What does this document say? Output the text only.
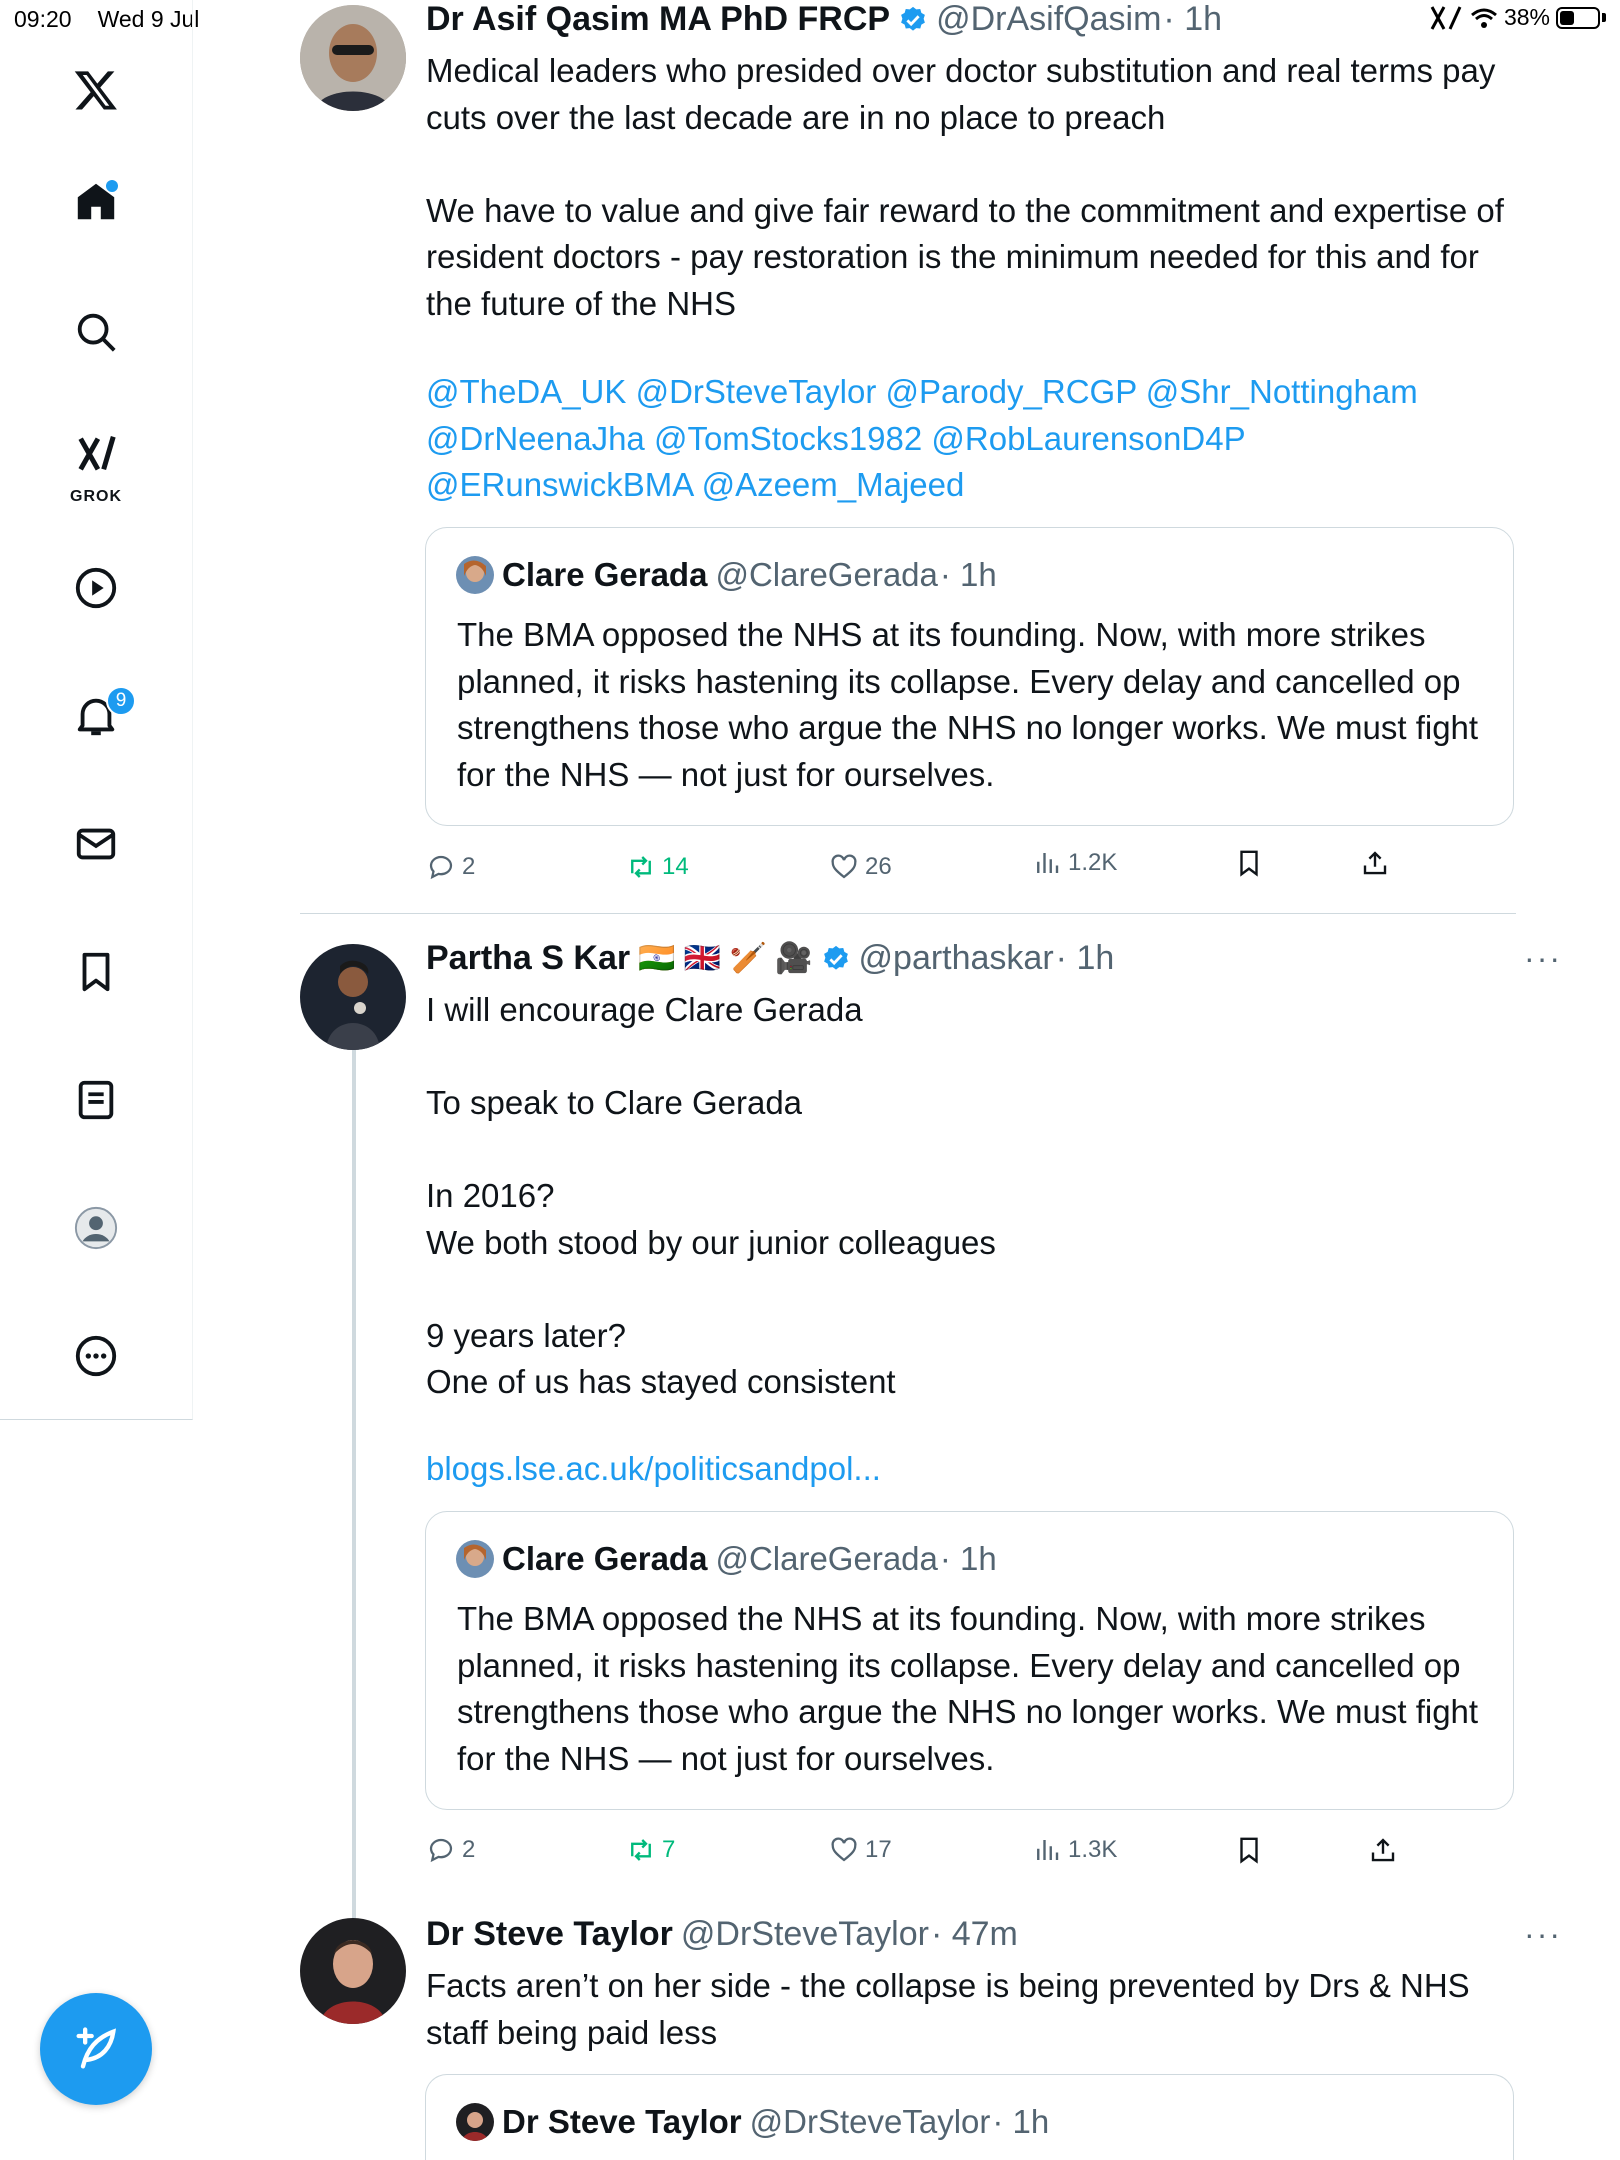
09:20 Wed 9 Jul	38%
GROK
9
Dr Asif Qasim MA PhD FRCP @DrAsifQasim · 1h
Medical leaders who presided over doctor substitution and real terms pay cuts over the last decade are in no place to preach

We have to value and give fair reward to the commitment and expertise of resident doctors - pay restoration is the minimum needed for this and for the future of the NHS
@TheDA_UK @DrSteveTaylor @Parody_RCGP @Shr_Nottingham @DrNeenaJha @TomStocks1982 @RobLaurensonD4P @ERunswickBMA @Azeem_Majeed
Clare Gerada @ClareGerada · 1h
The BMA opposed the NHS at its founding. Now, with more strikes planned, it risks hastening its collapse. Every delay and cancelled op strengthens those who argue the NHS no longer works. We must fight for the NHS — not just for ourselves.
2	14	26	1.2K
Partha S Kar 🇮🇳 🇬🇧 🏏 🎥 @parthaskar · 1h	···
I will encourage Clare Gerada

To speak to Clare Gerada

In 2016?
We both stood by our junior colleagues

9 years later?
One of us has stayed consistent
blogs.lse.ac.uk/politicsandpol...
Clare Gerada @ClareGerada · 1h
The BMA opposed the NHS at its founding. Now, with more strikes planned, it risks hastening its collapse. Every delay and cancelled op strengthens those who argue the NHS no longer works. We must fight for the NHS — not just for ourselves.
2	7	17	1.3K
Dr Steve Taylor @DrSteveTaylor · 47m	···
Facts aren’t on her side - the collapse is being prevented by Drs & NHS staff being paid less
Dr Steve Taylor @DrSteveTaylor · 1h
